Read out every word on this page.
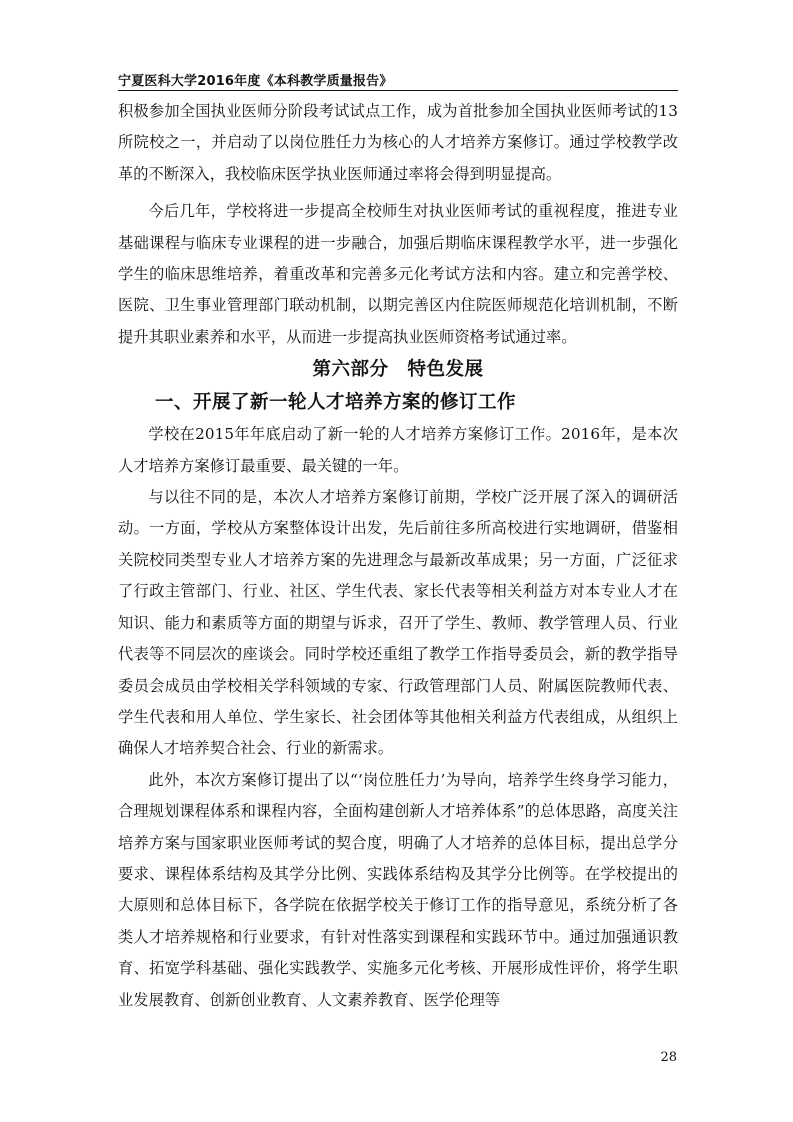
宁夏医科大学2016年度《本科教学质量报告》

积极参加全国执业医师分阶段考试试点工作，成为首批参加全国执业医师考试的13 所院校之一，并启动了以岗位胜任力为核心的人才培养方案修订。通过学校教学改革的不断深入，我校临床医学执业医师通过率将会得到明显提高。

今后几年，学校将进一步提高全校师生对执业医师考试的重视程度，推进专业基础课程与临床专业课程的进一步融合，加强后期临床课程教学水平，进一步强化学生的临床思维培养，着重改革和完善多元化考试方法和内容。建立和完善学校、医院、卫生事业管理部门联动机制，以期完善区内住院医师规范化培训机制，不断提升其职业素养和水平，从而进一步提高执业医师资格考试通过率。

第六部分　特色发展
一、开展了新一轮人才培养方案的修订工作

学校在2015年年底启动了新一轮的人才培养方案修订工作。2016年，是本次人才培养方案修订最重要、最关键的一年。

与以往不同的是，本次人才培养方案修订前期，学校广泛开展了深入的调研活动。一方面，学校从方案整体设计出发，先后前往多所高校进行实地调研，借鉴相关院校同类型专业人才培养方案的先进理念与最新改革成果；另一方面，广泛征求了行政主管部门、行业、社区、学生代表、家长代表等相关利益方对本专业人才在知识、能力和素质等方面的期望与诉求，召开了学生、教师、教学管理人员、行业代表等不同层次的座谈会。同时学校还重组了教学工作指导委员会，新的教学指导委员会成员由学校相关学科领域的专家、行政管理部门人员、附属医院教师代表、学生代表和用人单位、学生家长、社会团体等其他相关利益方代表组成，从组织上确保人才培养契合社会、行业的新需求。

此外，本次方案修订提出了以“‘岗位胜任力’为导向，培养学生终身学习能力，合理规划课程体系和课程内容，全面构建创新人才培养体系”的总体思路，高度关注培养方案与国家职业医师考试的契合度，明确了人才培养的总体目标，提出总学分要求、课程体系结构及其学分比例、实践体系结构及其学分比例等。在学校提出的大原则和总体目标下，各学院在依据学校关于修订工作的指导意见，系统分析了各类人才培养规格和行业要求，有针对性落实到课程和实践环节中。通过加强通识教育、拓宽学科基础、强化实践教学、实施多元化考核、开展形成性评价，将学生职业发展教育、创新创业教育、人文素养教育、医学伦理等

28
